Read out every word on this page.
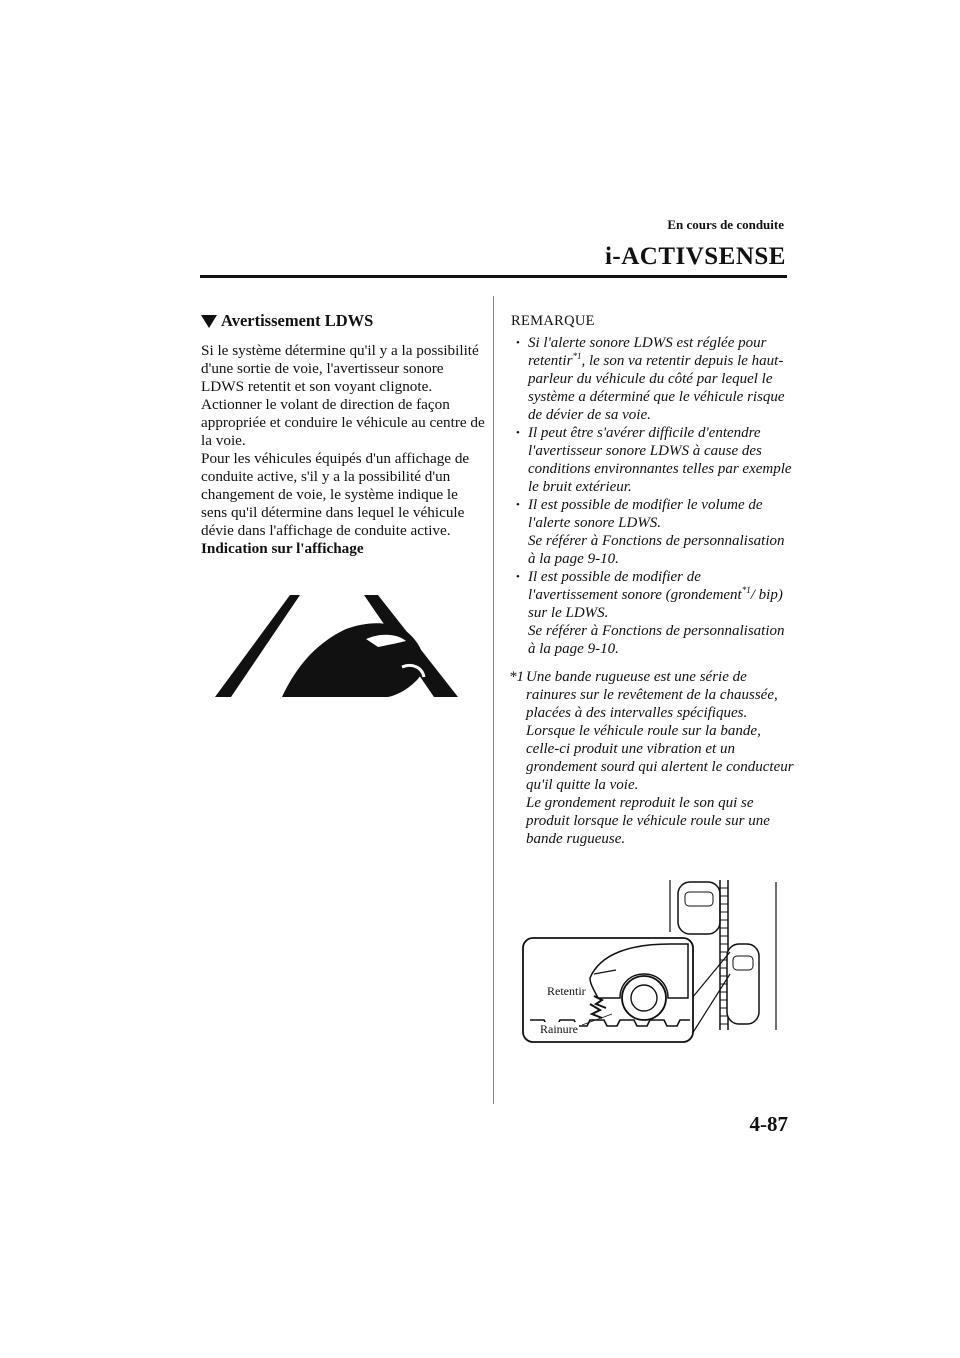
En cours de conduite
i-ACTIVSENSE
Avertissement LDWS

Si le système détermine qu'il y a la possibilité d'une sortie de voie, l'avertisseur sonore LDWS retentit et son voyant clignote. Actionner le volant de direction de façon appropriée et conduire le véhicule au centre de la voie.

Pour les véhicules équipés d'un affichage de conduite active, s'il y a la possibilité d'un changement de voie, le système indique le sens qu'il détermine dans lequel le véhicule dévie dans l'affichage de conduite active.

Indication sur l'affichage

REMARQUE
• Si l'alerte sonore LDWS est réglée pour retentir$^{*1}$, le son va retentir depuis le haut-parleur du véhicule du côté par lequel le système a déterminé que le véhicule risque de dévier de sa voie.
• Il peut être s'avérer difficile d'entendre l'avertisseur sonore LDWS à cause des conditions environnantes telles par exemple le bruit extérieur.
• Il est possible de modifier le volume de l'alerte sonore LDWS.
Se référer à Fonctions de personnalisation à la page 9-10.
• Il est possible de modifier de l'avertissement sonore (grondement$^{*1}$/ bip) sur le LDWS.
Se référer à Fonctions de personnalisation à la page 9-10.
*1 Une bande rugueuse est une série de rainures sur le revêtement de la chaussée, placées à des intervalles spécifiques. Lorsque le véhicule roule sur la bande, celle-ci produit une vibration et un grondement sourd qui alertent le conducteur qu'il quitte la voie.
Le grondement reproduit le son qui se produit lorsque le véhicule roule sur une bande rugueuse.
Retentir
Rainure
4-87
